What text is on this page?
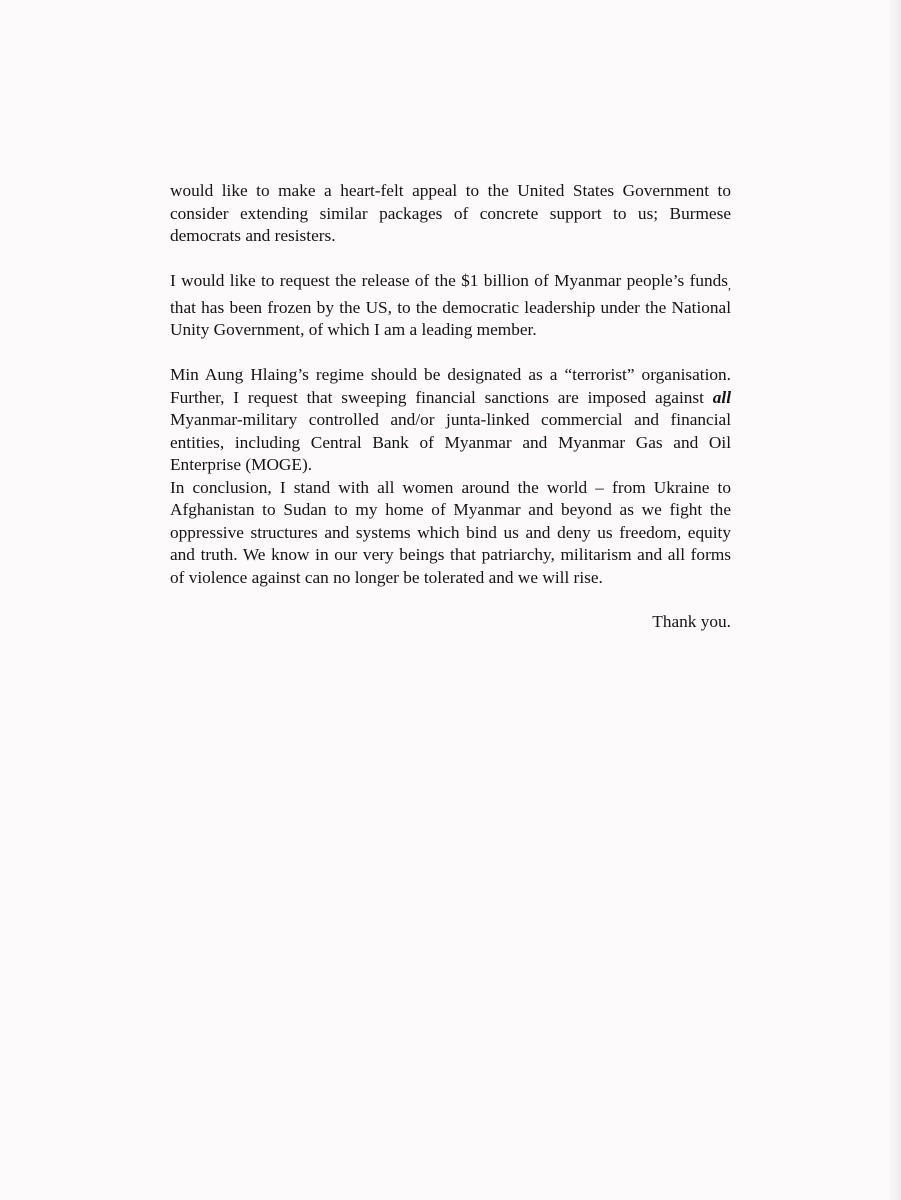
would like to make a heart-felt appeal to the United States Government to consider extending similar packages of concrete support to us; Burmese democrats and resisters.

I would like to request the release of the $1 billion of Myanmar people’s funds, that has been frozen by the US, to the democratic leadership under the National Unity Government, of which I am a leading member.

Min Aung Hlaing’s regime should be designated as a “terrorist” organisation. Further, I request that sweeping financial sanctions are imposed against all Myanmar-military controlled and/or junta-linked commercial and financial entities, including Central Bank of Myanmar and Myanmar Gas and Oil Enterprise (MOGE).

In conclusion, I stand with all women around the world – from Ukraine to Afghanistan to Sudan to my home of Myanmar and beyond as we fight the oppressive structures and systems which bind us and deny us freedom, equity and truth. We know in our very beings that patriarchy, militarism and all forms of violence against can no longer be tolerated and we will rise.

Thank you.
